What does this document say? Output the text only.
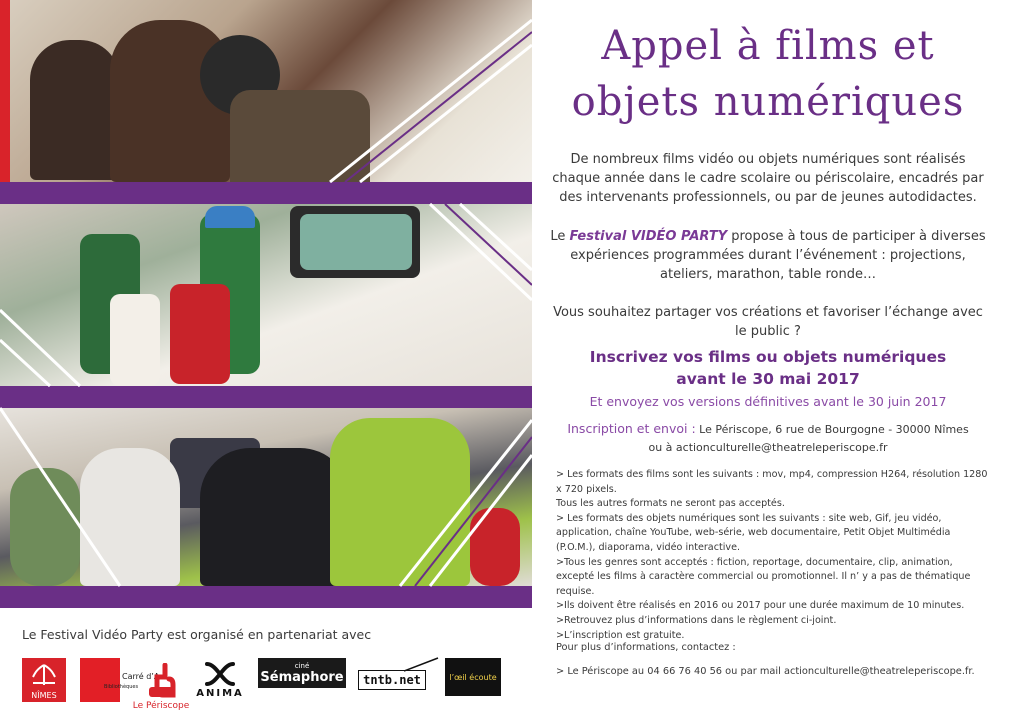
Appel à films et objets numériques
De nombreux films vidéo ou objets numériques sont réalisés chaque année dans le cadre scolaire ou périscolaire, encadrés par des intervenants professionnels, ou par de jeunes autodidactes.
Le Festival VIDÉO PARTY propose à tous de participer à diverses expériences programmées durant l’événement : projections, ateliers, marathon, table ronde…
Vous souhaitez partager vos créations et favoriser l’échange avec le public ?
Inscrivez vos films ou objets numériques
avant le 30 mai 2017
Et envoyez vos versions définitives avant le 30 juin 2017
Inscription et envoi : Le Périscope, 6 rue de Bourgogne - 30000 Nîmes
ou à actionculturelle@theatreleperiscope.fr
> Les formats des films sont les suivants : mov, mp4, compression H264, résolution 1280 x 720 pixels.
Tous les autres formats ne seront pas acceptés.
> Les formats des objets numériques sont les suivants : site web, Gif, jeu vidéo, application, chaîne YouTube, web-série, web documentaire, Petit Objet Multimédia (P.O.M.), diaporama, vidéo interactive.
>Tous les genres sont acceptés : fiction, reportage, documentaire, clip, animation, excepté les films à caractère commercial ou promotionnel. Il n’ y a pas de thématique requise.
>Ils doivent être réalisés en 2016 ou 2017 pour une durée maximum de 10 minutes.
>Retrouvez plus d’informations dans le règlement ci-joint.
>L’inscription est gratuite.
Pour plus d’informations, contactez :
> Le Périscope au 04 66 76 40 56 ou par mail actionculturelle@theatreleperiscope.fr.
Le Festival Vidéo Party est organisé en partenariat avec
NÎMES
Carré d’Art
Bibliothèques
Le Périscope
ANIMA
ciné
Sémaphore tntb.net	l’œil écoute
